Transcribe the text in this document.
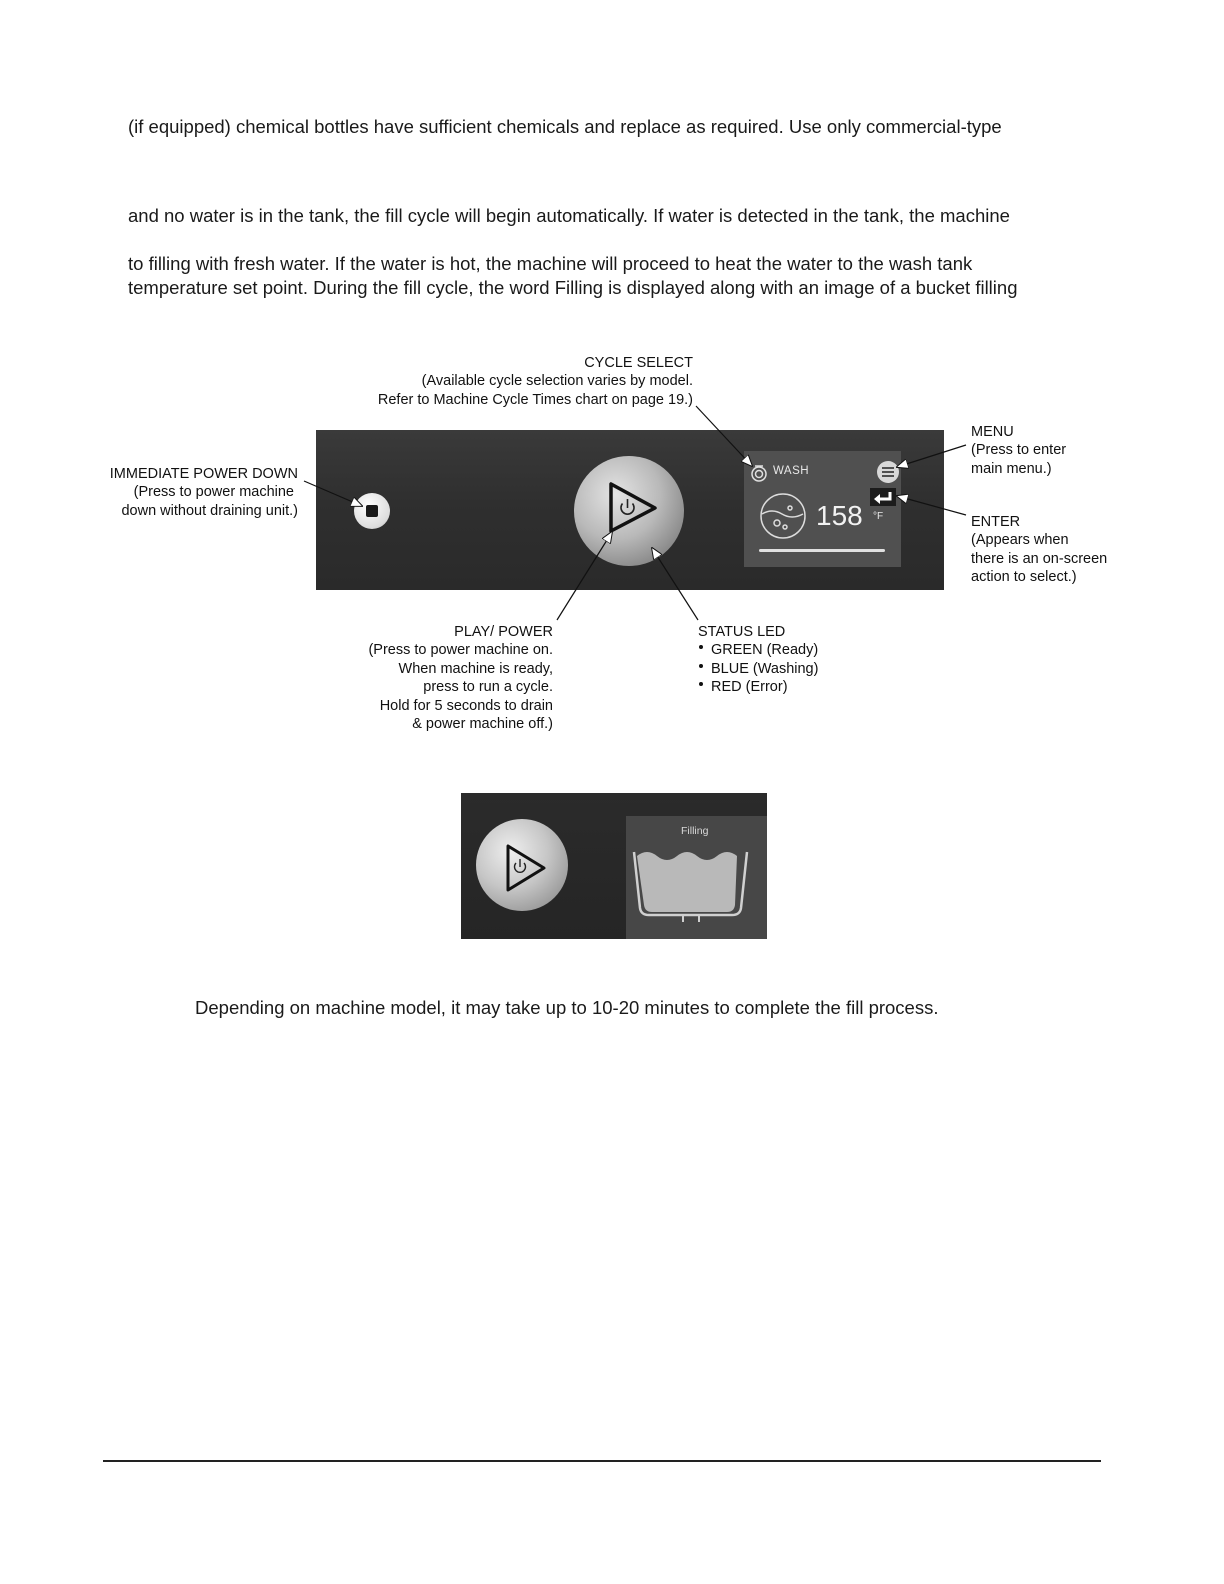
(if equipped) chemical bottles have sufficient chemicals and replace as required. Use only commercial-type
and no water is in the tank, the fill cycle will begin automatically. If water is detected in the tank, the machine
to filling with fresh water. If the water is hot, the machine will proceed to heat the water to the wash tank
temperature set point. During the fill cycle, the word Filling is displayed along with an image of a bucket filling
WASH
158 °F
CYCLE SELECT
(Available cycle selection varies by model.
Refer to Machine Cycle Times chart on page 19.)
IMMEDIATE POWER DOWN
(Press to power machine
down without draining unit.)
MENU
(Press to enter
main menu.)
ENTER
(Appears when
there is an on-screen
action to select.)
PLAY/ POWER
(Press to power machine on.
When machine is ready,
press to run a cycle.
Hold for 5 seconds to drain
& power machine off.)
STATUS LED
GREEN (Ready)
BLUE (Washing)
RED (Error)
Filling
Depending on machine model, it may take up to 10-20 minutes to complete the fill process.
